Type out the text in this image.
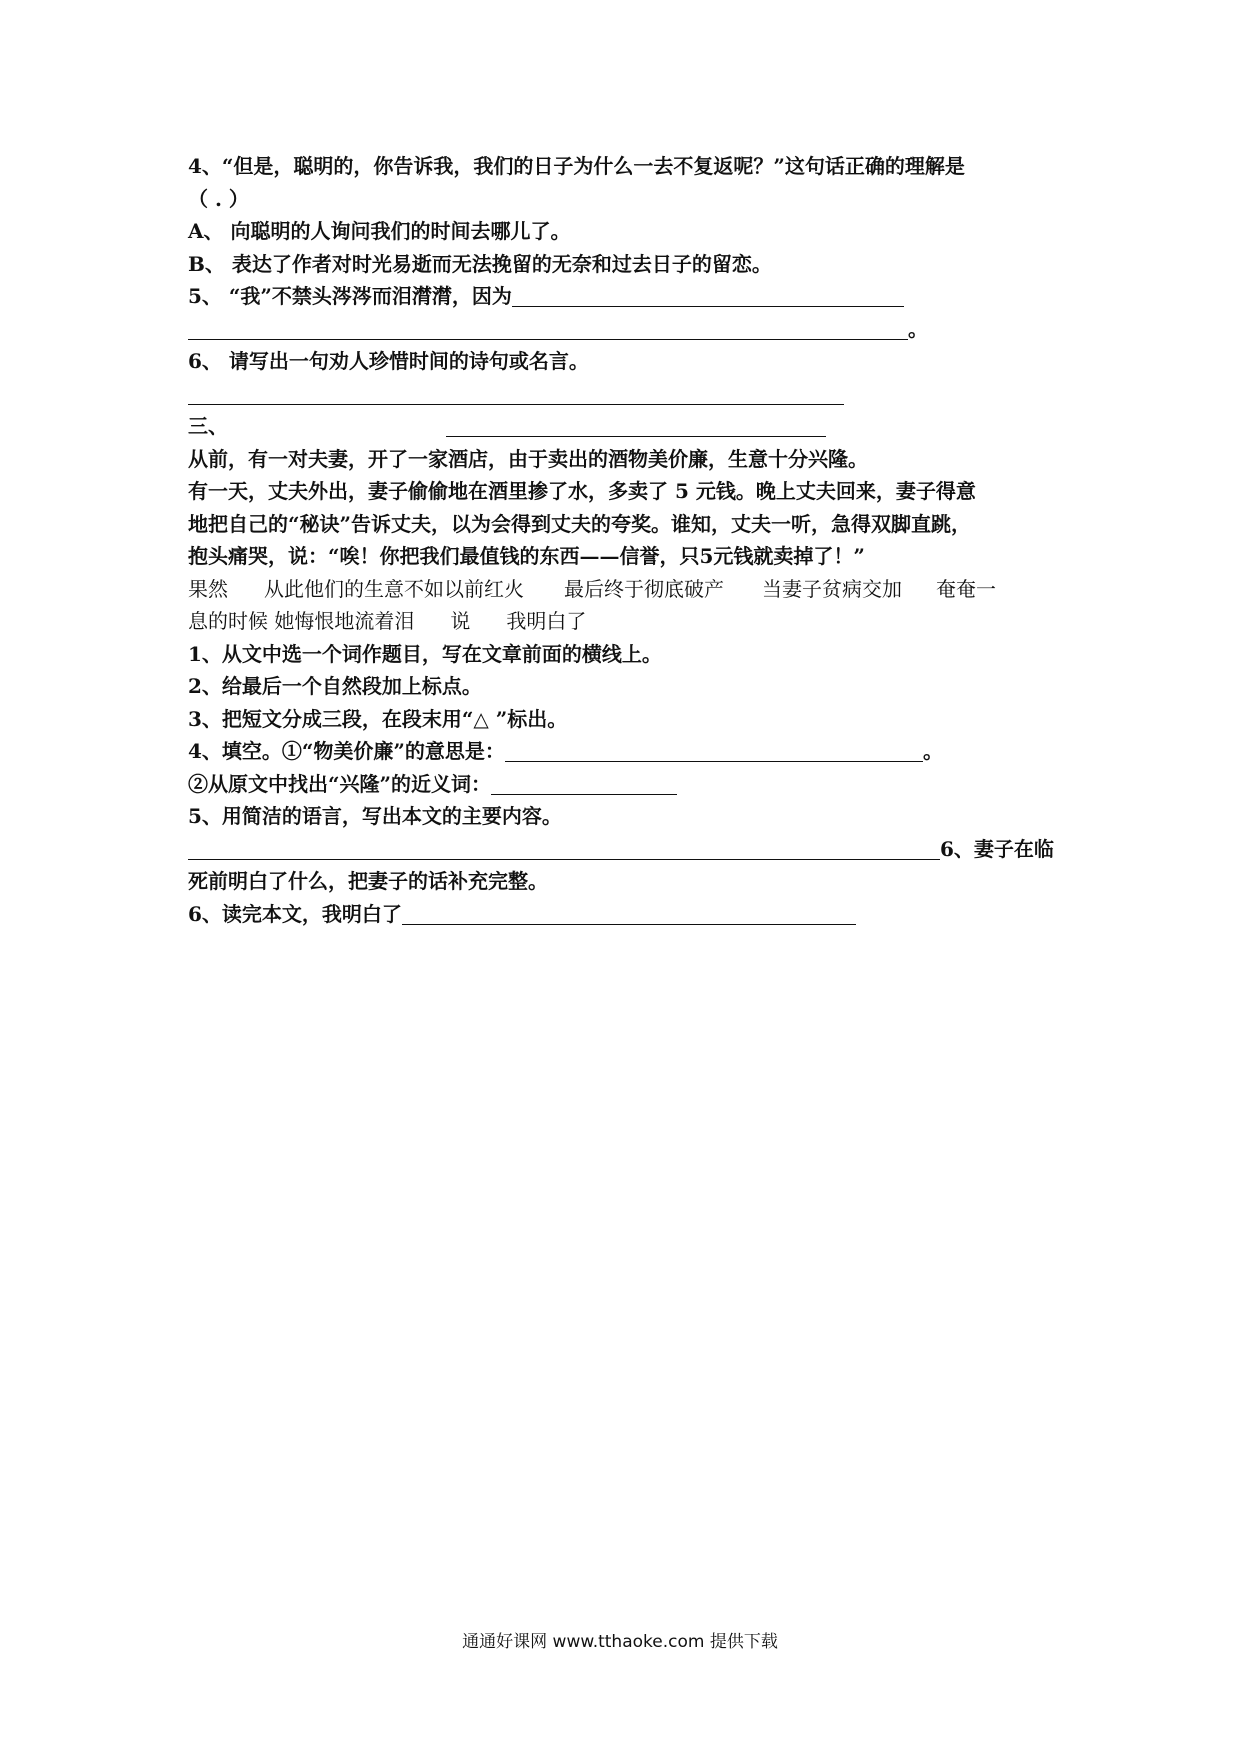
4、“但是，聪明的，你告诉我，我们的日子为什么一去不复返呢？”这句话正确的理解是
（ . ）
A、 向聪明的人询问我们的时间去哪儿了。
B、 表达了作者对时光易逝而无法挽留的无奈和过去日子的留恋。
5、 “我”不禁头涔涔而泪潸潸，因为
。
6、 请写出一句劝人珍惜时间的诗句或名言。
三、
从前，有一对夫妻，开了一家酒店，由于卖出的酒物美价廉，生意十分兴隆。
有一天，丈夫外出，妻子偷偷地在酒里掺了水，多卖了 5 元钱。晚上丈夫回来，妻子得意
地把自己的“秘诀”告诉丈夫，以为会得到丈夫的夸奖。谁知，丈夫一听，急得双脚直跳，
抱头痛哭，说：“唉！你把我们最值钱的东西——信誉，只5元钱就卖掉了！”
果然 从此他们的生意不如以前红火 最后终于彻底破产 当妻子贫病交加 奄奄一
息的时候 她悔恨地流着泪 说 我明白了
1、从文中选一个词作题目，写在文章前面的横线上。
2、给最后一个自然段加上标点。
3、把短文分成三段，在段末用“△ ”标出。
4、填空。①“物美价廉”的意思是：	。
②从原文中找出“兴隆”的近义词：
5、用简洁的语言，写出本文的主要内容。
6、妻子在临
死前明白了什么，把妻子的话补充完整。
6、读完本文，我明白了
通通好课网 www.tthaoke.com 提供下载
